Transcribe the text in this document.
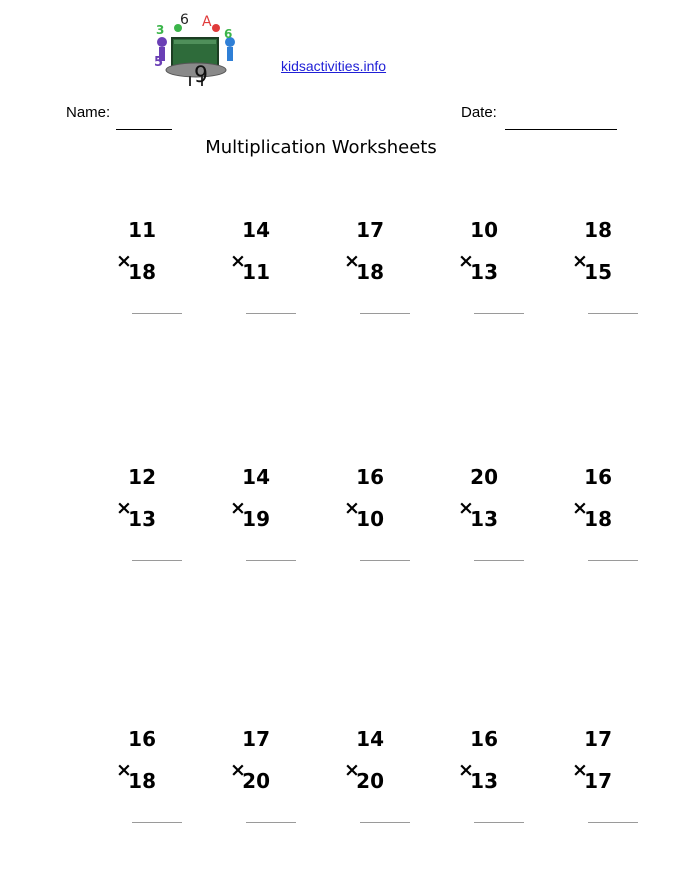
3
6 A
6
5
9	kidsactivities.info
Name:	Date:
Multiplication Worksheets
11
×
18
14
×
11
17
×
18
10
×
13
18
×
15
12
×
13
14
×
19
16
×
10
20
×
13
16
×
18
16
×
18
17
×
20
14
×
20
16
×
13
17
×
17
